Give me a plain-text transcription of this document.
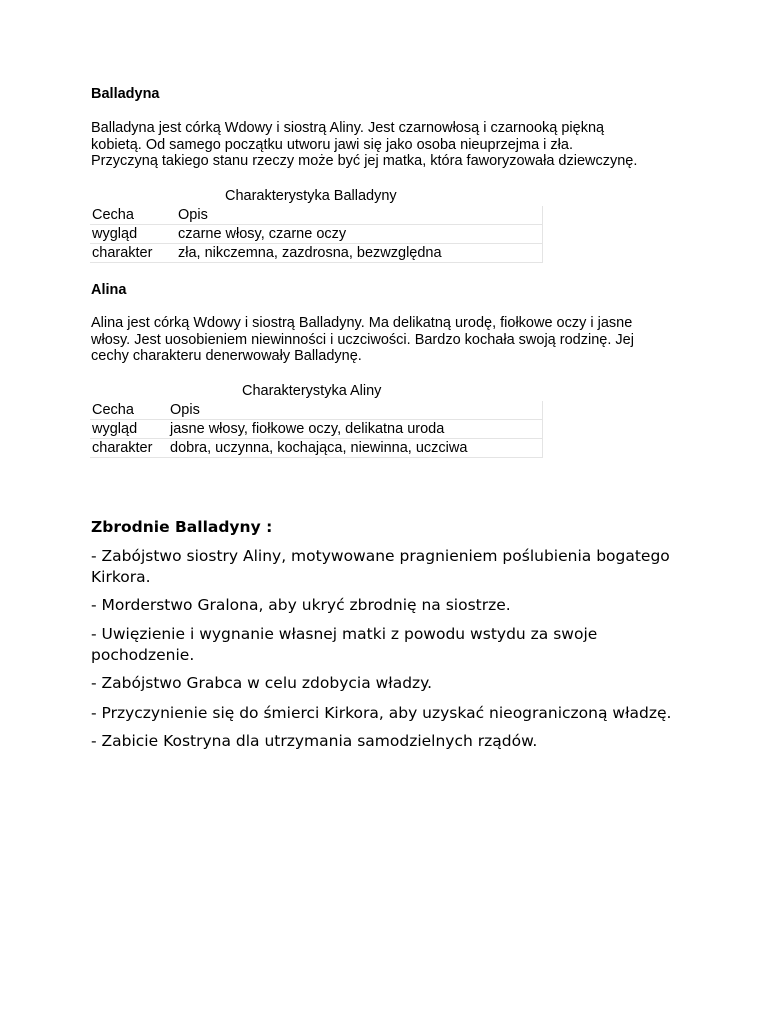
Balladyna

Balladyna jest córką Wdowy i siostrą Aliny. Jest czarnowłosą i czarnooką piękną
kobietą. Od samego początku utworu jawi się jako osoba nieuprzejma i zła.
Przyczyną takiego stanu rzeczy może być jej matka, która faworyzowała dziewczynę.

Charakterystyka Balladyny

Cecha	Opis
wygląd	czarne włosy, czarne oczy
charakter	zła, nikczemna, zazdrosna, bezwzględna

Alina

Alina jest córką Wdowy i siostrą Balladyny. Ma delikatną urodę, fiołkowe oczy i jasne
włosy. Jest uosobieniem niewinności i uczciwości. Bardzo kochała swoją rodzinę. Jej
cechy charakteru denerwowały Balladynę.

Charakterystyka Aliny

Cecha	Opis
wygląd	jasne włosy, fiołkowe oczy, delikatna uroda
charakter	dobra, uczynna, kochająca, niewinna, uczciwa

Zbrodnie Balladyny :

- Zabójstwo siostry Aliny, motywowane pragnieniem poślubienia bogatego
Kirkora.
- Morderstwo Gralona, aby ukryć zbrodnię na siostrze.
- Uwięzienie i wygnanie własnej matki z powodu wstydu za swoje
pochodzenie.
- Zabójstwo Grabca w celu zdobycia władzy.
- Przyczynienie się do śmierci Kirkora, aby uzyskać nieograniczoną władzę.
- Zabicie Kostryna dla utrzymania samodzielnych rządów.
